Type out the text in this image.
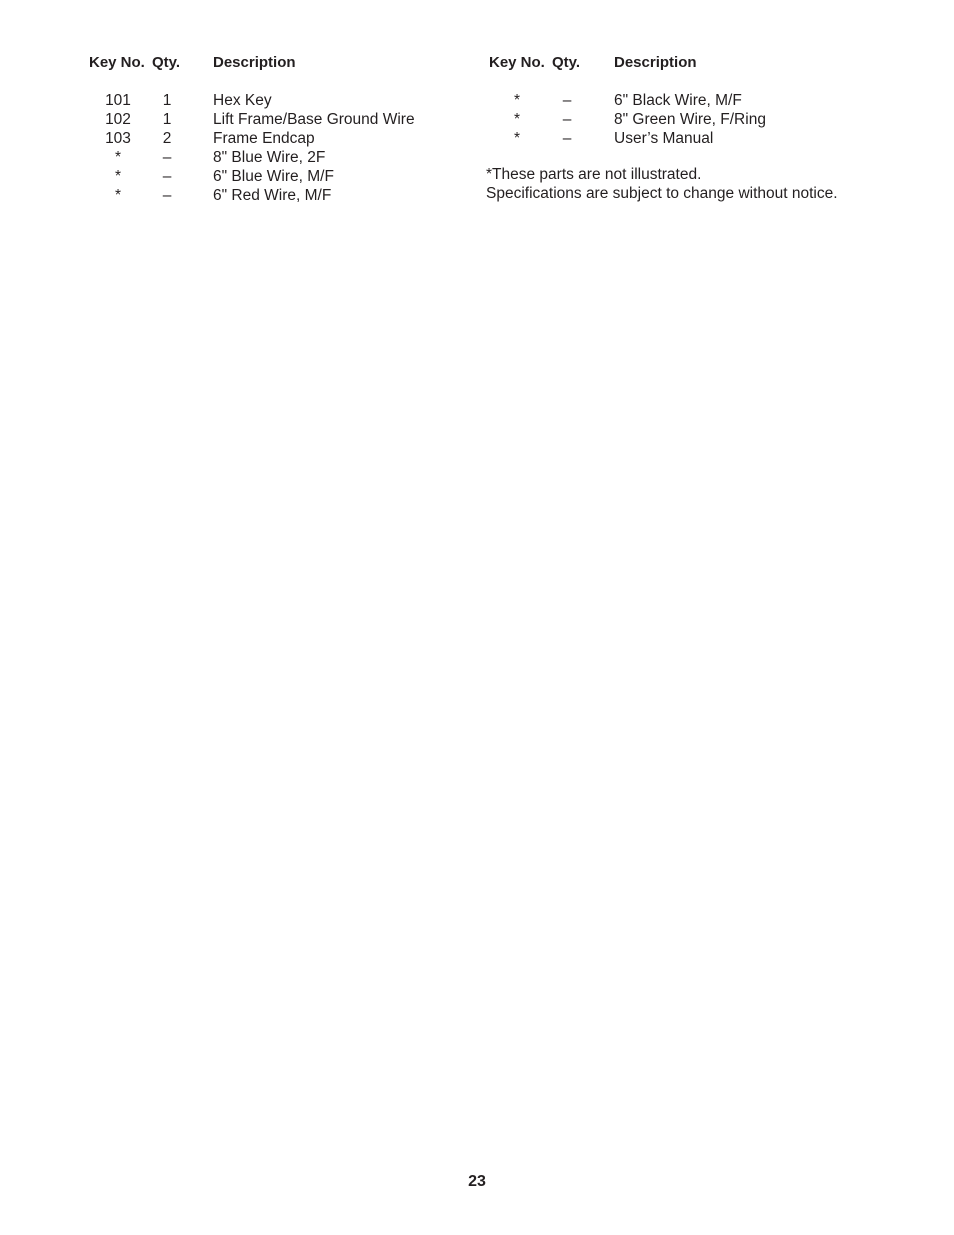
Key No. Qty. Description
101	1	Hex Key
102	1	Lift Frame/Base Ground Wire
103	2	Frame Endcap
*	–	8" Blue Wire, 2F
*	–	6" Blue Wire, M/F
*	–	6" Red Wire, M/F
Key No. Qty. Description
*	–	6" Black Wire, M/F
*	–	8" Green Wire, F/Ring
*	–	User’s Manual
*These parts are not illustrated.
Specifications are subject to change without notice.
23
